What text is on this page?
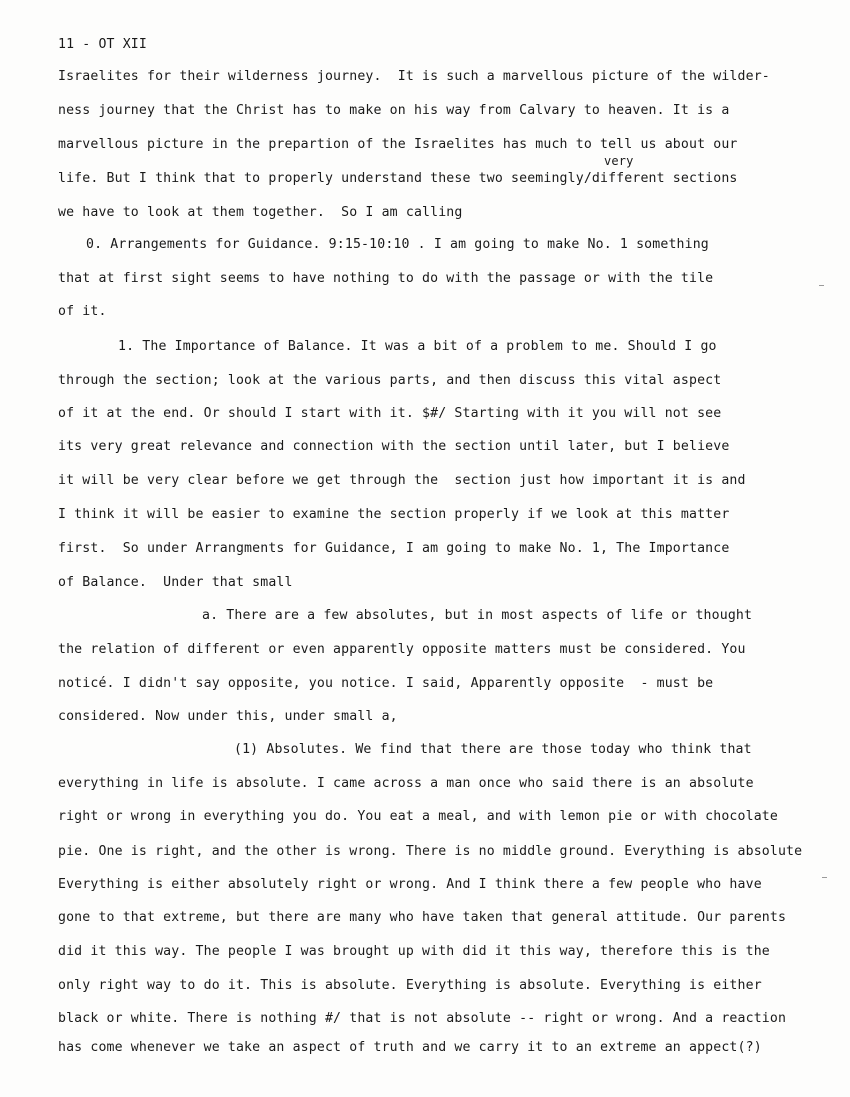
11 - OT XII
Israelites for their wilderness journey.  It is such a marvellous picture of the wilder-
ness journey that the Christ has to make on his way from Calvary to heaven. It is a
marvellous picture in the prepartion of the Israelites has much to tell us about our
very
life. But I think that to properly understand these two seemingly/different sections
we have to look at them together.  So I am calling
0. Arrangements for Guidance. 9:15-10:10 . I am going to make No. 1 something
that at first sight seems to have nothing to do with the passage or with the tile
of it.
1. The Importance of Balance. It was a bit of a problem to me. Should I go
through the section; look at the various parts, and then discuss this vital aspect
of it at the end. Or should I start with it. $#/ Starting with it you will not see
its very great relevance and connection with the section until later, but I believe
it will be very clear before we get through the  section just how important it is and
I think it will be easier to examine the section properly if we look at this matter
first.  So under Arrangments for Guidance, I am going to make No. 1, The Importance
of Balance.  Under that small
a. There are a few absolutes, but in most aspects of life or thought
the relation of different or even apparently opposite matters must be considered. You
noticé. I didn't say opposite, you notice. I said, Apparently opposite  - must be
considered. Now under this, under small a,
(1) Absolutes. We find that there are those today who think that
everything in life is absolute. I came across a man once who said there is an absolute
right or wrong in everything you do. You eat a meal, and with lemon pie or with chocolate
pie. One is right, and the other is wrong. There is no middle ground. Everything is absolute
Everything is either absolutely right or wrong. And I think there a few people who have
gone to that extreme, but there are many who have taken that general attitude. Our parents
did it this way. The people I was brought up with did it this way, therefore this is the
only right way to do it. This is absolute. Everything is absolute. Everything is either
black or white. There is nothing #/ that is not absolute -- right or wrong. And a reaction
has come whenever we take an aspect of truth and we carry it to an extreme an appect(?)
